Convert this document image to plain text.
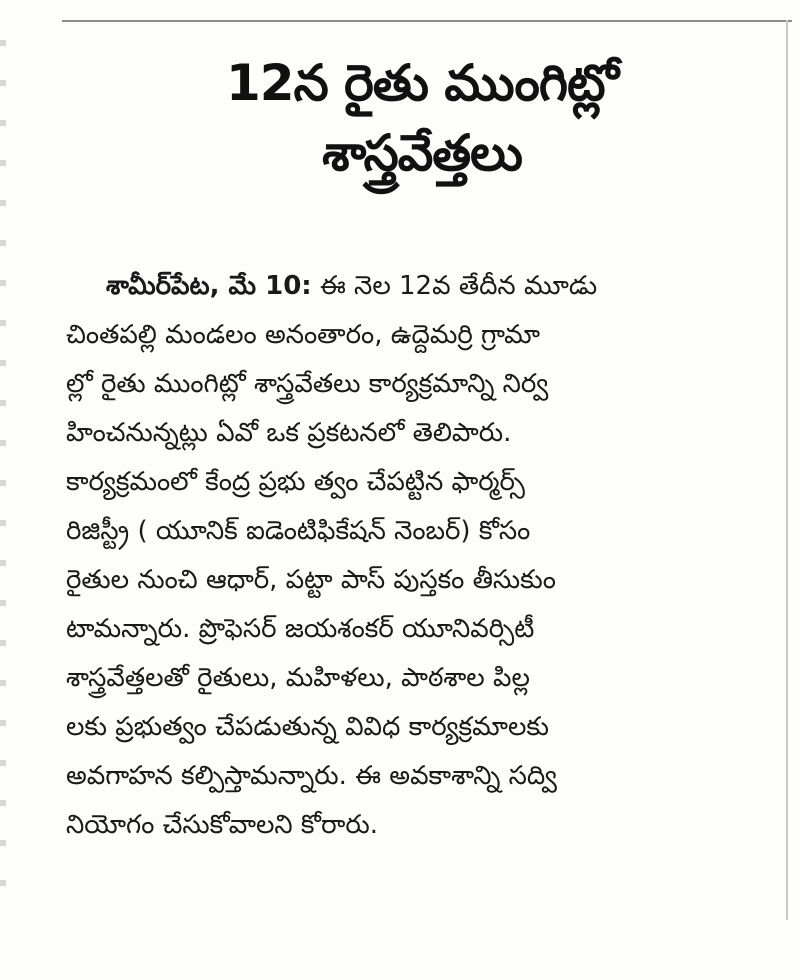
12న రైతు ముంగిట్లో
శాస్త్రవేత్తలు
శామీర్‌పేట, మే 10: ఈ నెల 12వ తేదీన మూడు
చింతపల్లి మండలం అనంతారం, ఉద్దెమర్రి గ్రామా
ల్లో రైతు ముంగిట్లో శాస్త్రవేతలు కార్యక్రమాన్ని నిర్వ
హించనున్నట్లు ఏవో ఒక ప్రకటనలో తెలిపారు.
కార్యక్రమంలో కేంద్ర ప్రభు త్వం చేపట్టిన ఫార్మర్స్
రిజిస్ట్రీ ( యూనిక్ ఐడెంటిఫికేషన్ నెంబర్) కోసం
రైతుల నుంచి ఆధార్, పట్టా పాస్ పుస్తకం తీసుకుం
టామన్నారు. ప్రొఫెసర్ జయశంకర్ యూనివర్సిటీ
శాస్త్రవేత్తలతో రైతులు, మహిళలు, పాఠశాల పిల్ల
లకు ప్రభుత్వం చేపడుతున్న వివిధ కార్యక్రమాలకు
అవగాహన కల్పిస్తామన్నారు. ఈ అవకాశాన్ని సద్వి
నియోగం చేసుకోవాలని కోరారు.
